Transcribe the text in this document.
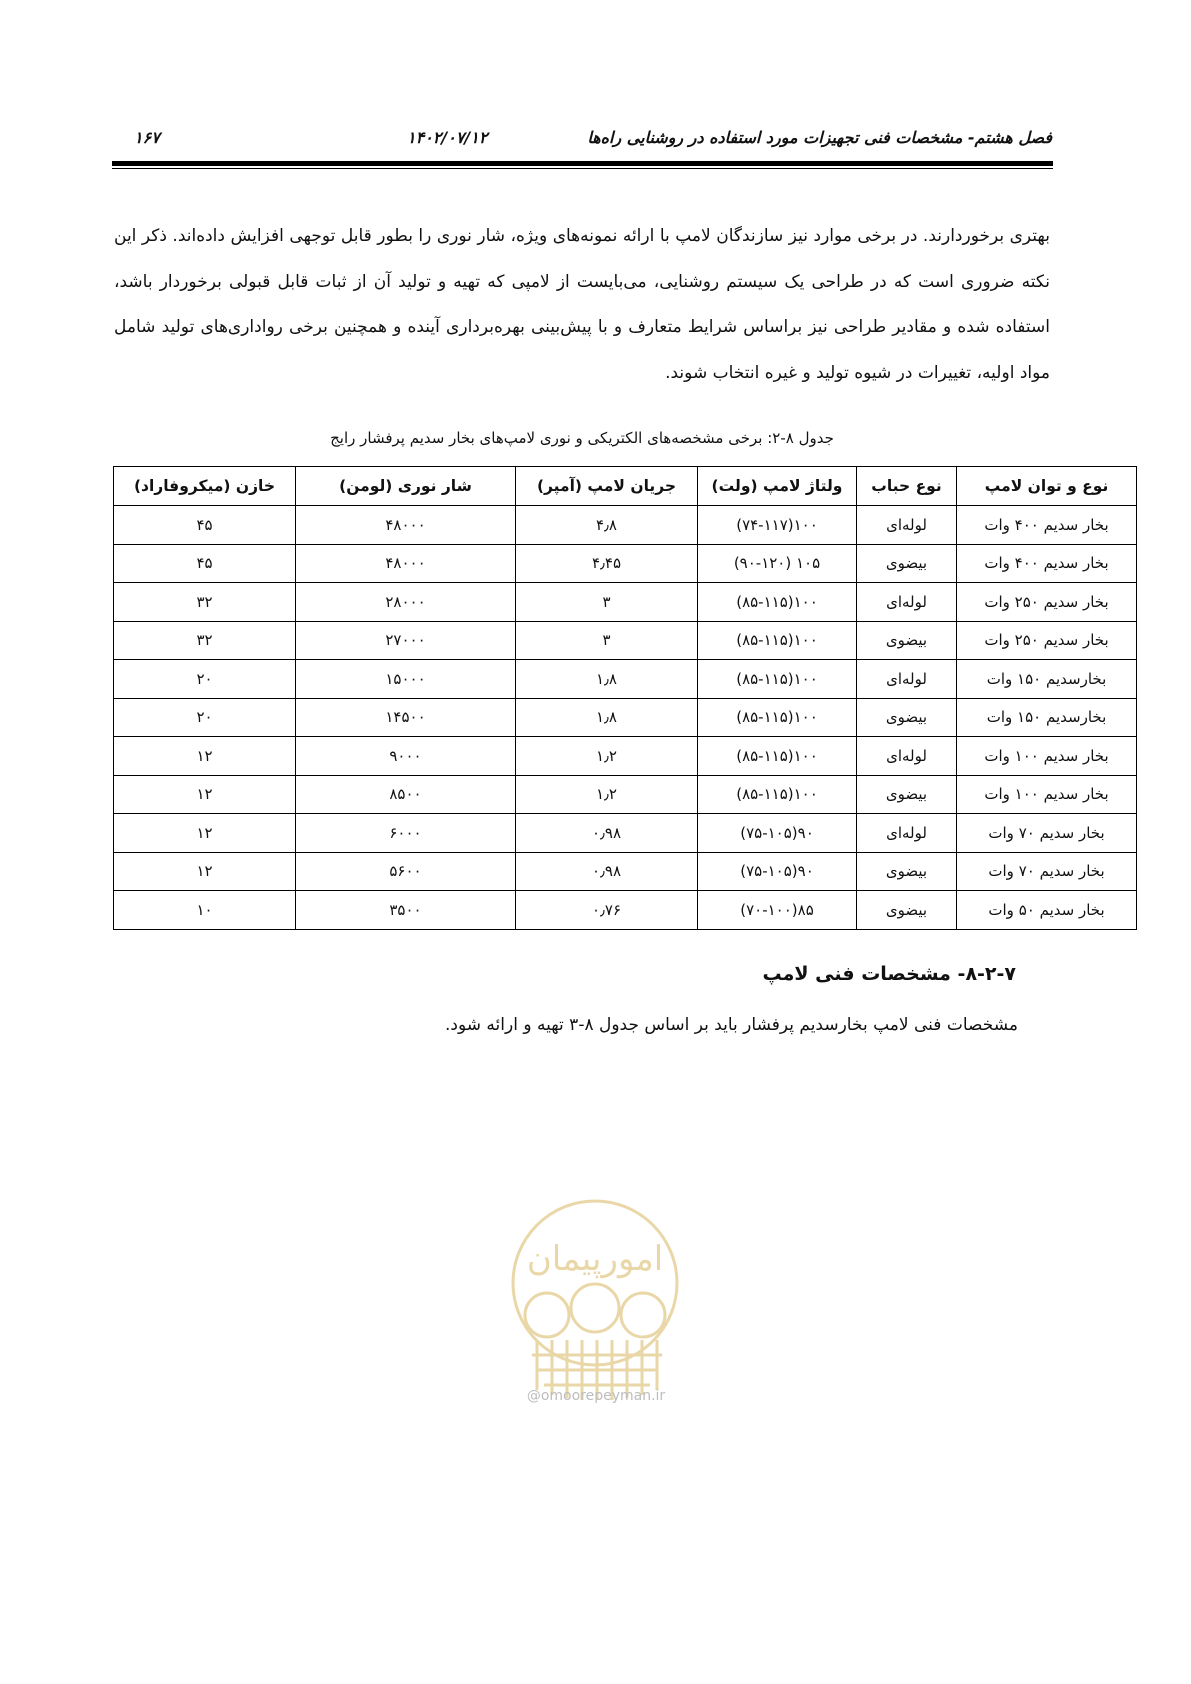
فصل هشتم- مشخصات فنی تجهیزات مورد استفاده در روشنایی راه‌ها
۱۴۰۲/۰۷/۱۲
۱۶۷

بهتری برخوردارند. در برخی موارد نیز سازندگان لامپ با ارائه نمونه‌های ویژه، شار نوری را بطور قابل توجهی افزایش داده‌اند. ذکر این نکته ضروری است که در طراحی یک سیستم روشنایی، می‌بایست از لامپی که تهیه و تولید آن از ثبات قابل قبولی برخوردار باشد، استفاده شده و مقادیر طراحی نیز براساس شرایط متعارف و با پیش‌بینی بهره‌برداری آینده و همچنین برخی رواداری‌های تولید شامل مواد اولیه، تغییرات در شیوه تولید و غیره انتخاب شوند.

جدول ۸-۲: برخی مشخصه‌های الکتریکی و نوری لامپ‌های بخار سدیم پرفشار رایج

نوع و توان لامپ	نوع حباب	ولتاژ لامپ (ولت)	جریان لامپ (آمپر)	شار نوری (لومن)	خازن (میکروفاراد)
بخار سدیم ۴۰۰ وات	لوله‌ای	۱۰۰(۷۴-۱۱۷)	۴٫۸	۴۸۰۰۰	۴۵
بخار سدیم ۴۰۰ وات	بیضوی	۱۰۵ (۹۰-۱۲۰)	۴٫۴۵	۴۸۰۰۰	۴۵
بخار سدیم ۲۵۰ وات	لوله‌ای	۱۰۰(۸۵-۱۱۵)	۳	۲۸۰۰۰	۳۲
بخار سدیم ۲۵۰ وات	بیضوی	۱۰۰(۸۵-۱۱۵)	۳	۲۷۰۰۰	۳۲
بخارسدیم ۱۵۰ وات	لوله‌ای	۱۰۰(۸۵-۱۱۵)	۱٫۸	۱۵۰۰۰	۲۰
بخارسدیم ۱۵۰ وات	بیضوی	۱۰۰(۸۵-۱۱۵)	۱٫۸	۱۴۵۰۰	۲۰
بخار سدیم ۱۰۰ وات	لوله‌ای	۱۰۰(۸۵-۱۱۵)	۱٫۲	۹۰۰۰	۱۲
بخار سدیم ۱۰۰ وات	بیضوی	۱۰۰(۸۵-۱۱۵)	۱٫۲	۸۵۰۰	۱۲
بخار سدیم ۷۰ وات	لوله‌ای	۹۰(۷۵-۱۰۵)	۰٫۹۸	۶۰۰۰	۱۲
بخار سدیم ۷۰ وات	بیضوی	۹۰(۷۵-۱۰۵)	۰٫۹۸	۵۶۰۰	۱۲
بخار سدیم ۵۰ وات	بیضوی	۸۵(۷۰-۱۰۰)	۰٫۷۶	۳۵۰۰	۱۰

۸-۲-۷- مشخصات فنی لامپ

مشخصات فنی لامپ بخارسدیم پرفشار باید بر اساس جدول ۸-۳ تهیه و ارائه شود.

امورپیمان
@omoorepeyman.ir
